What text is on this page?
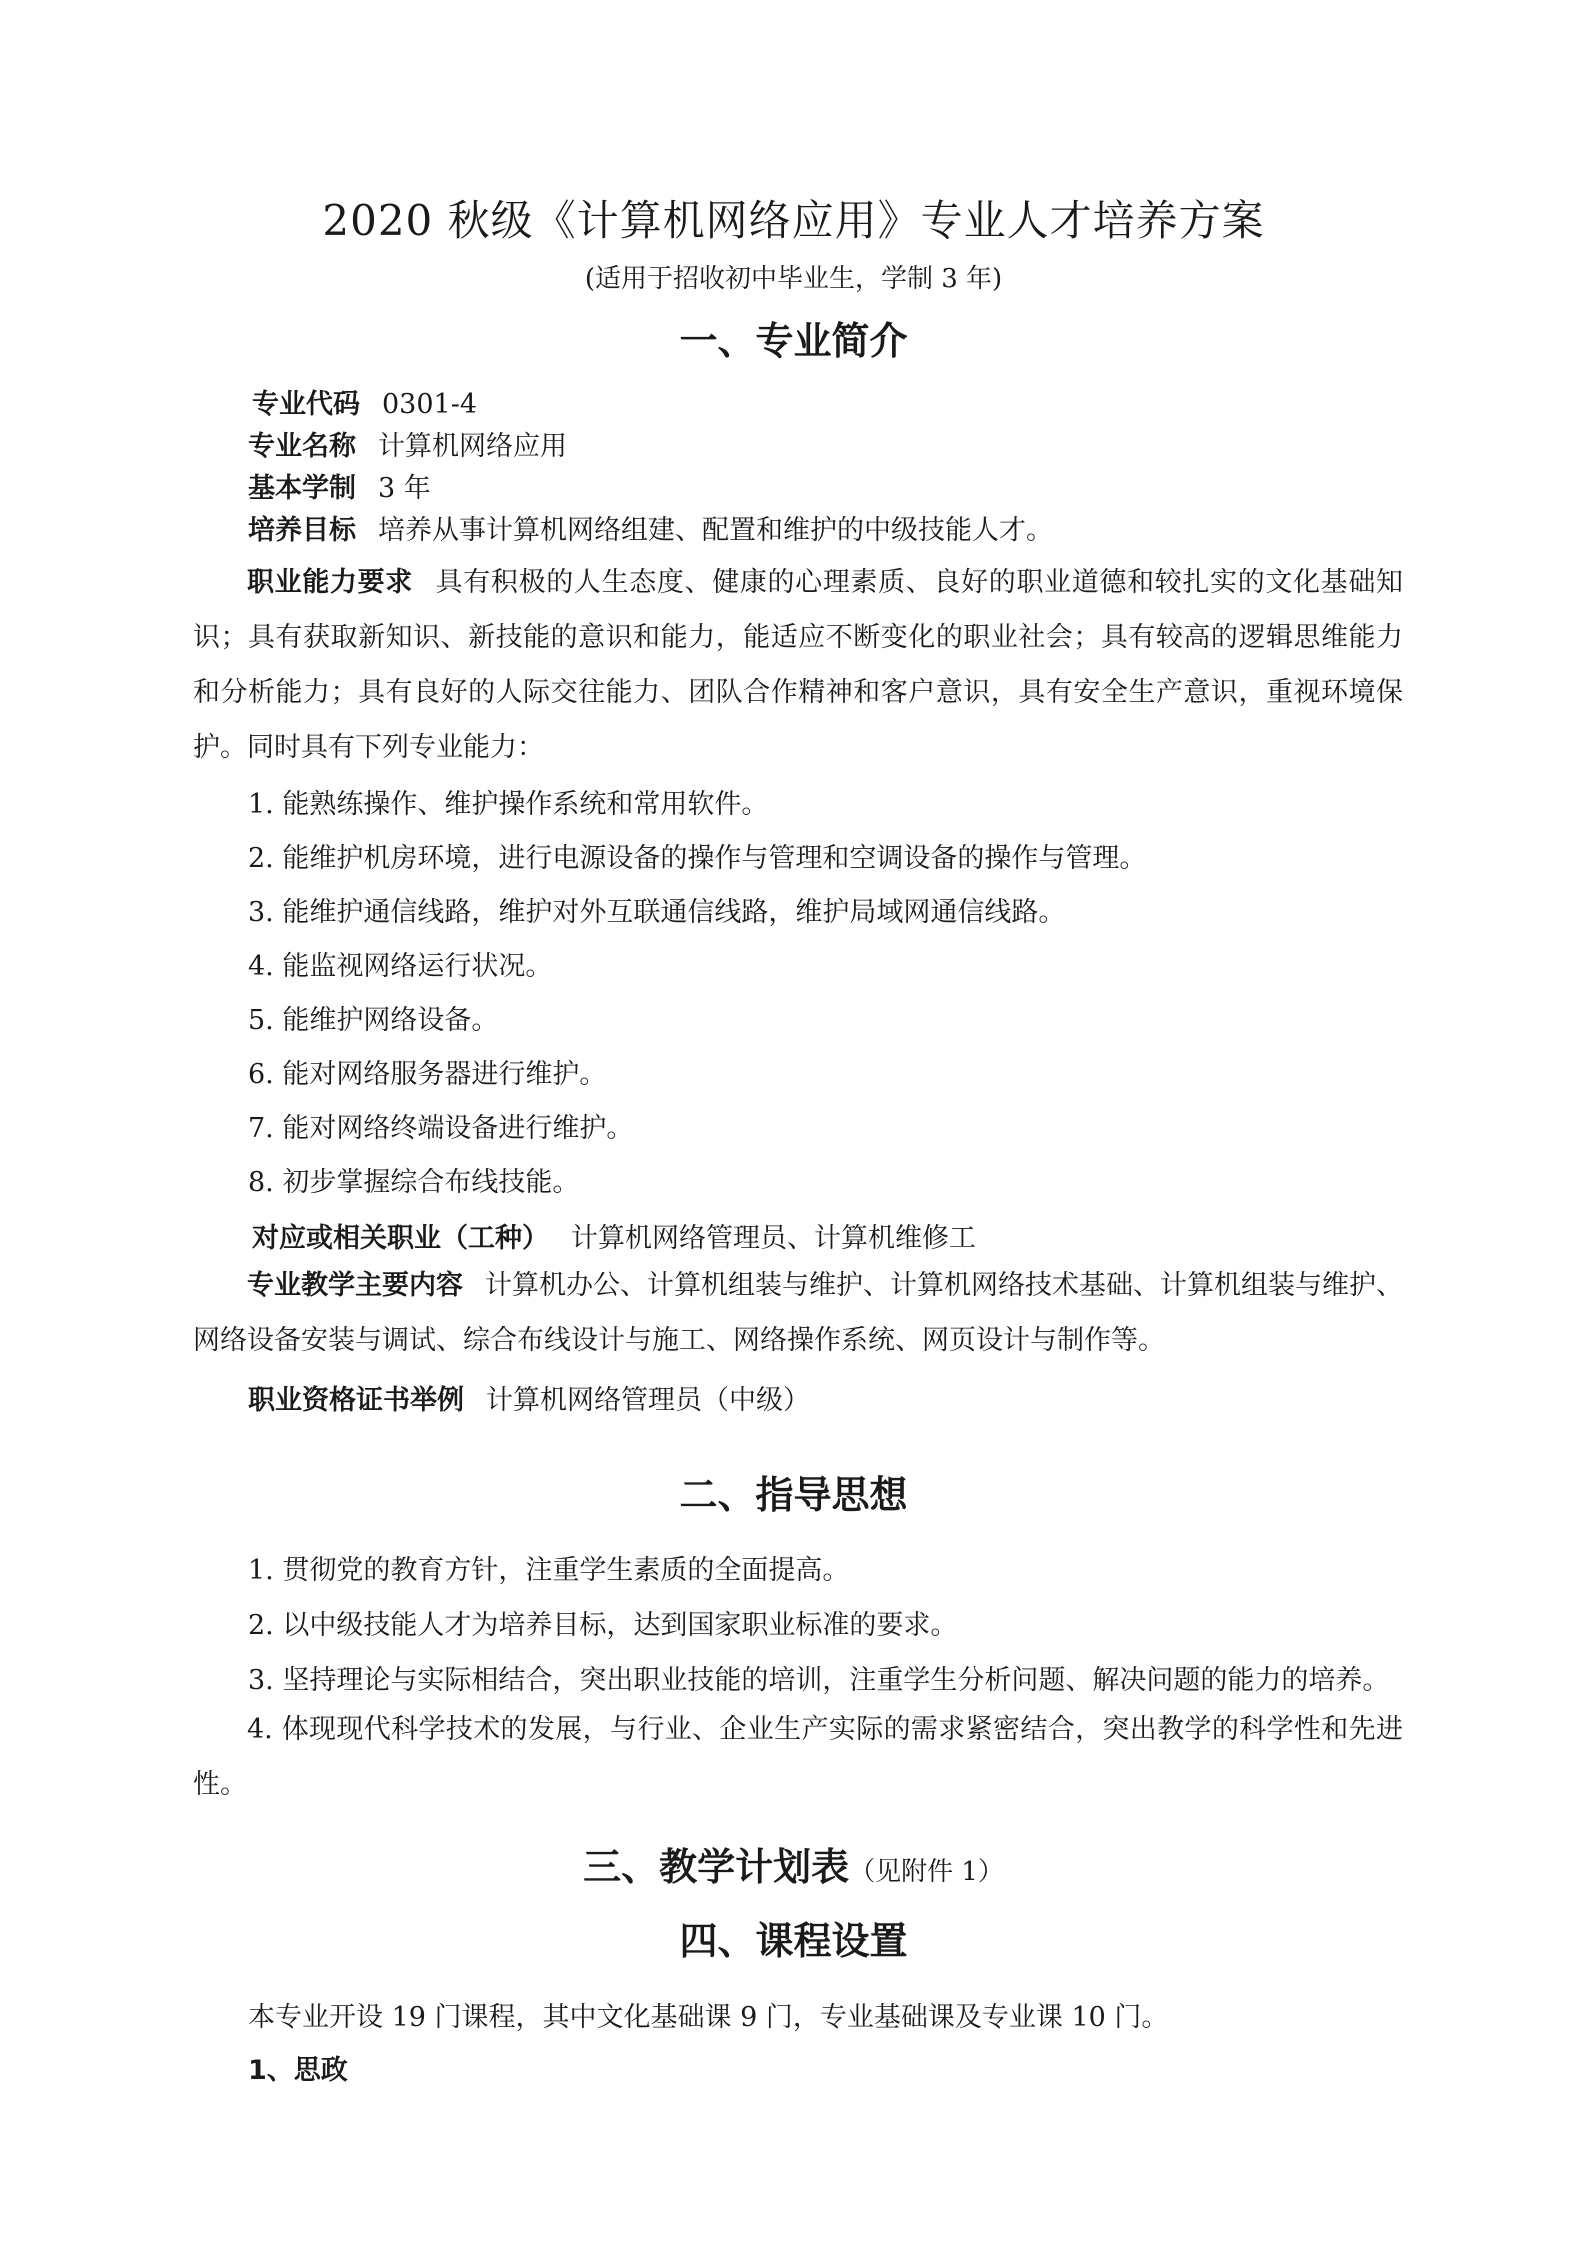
2020 秋级《计算机网络应用》专业人才培养方案
(适用于招收初中毕业生，学制 3 年)
一、专业简介
专业代码 0301-4
专业名称 计算机网络应用
基本学制 3 年
培养目标 培养从事计算机网络组建、配置和维护的中级技能人才。

职业能力要求 具有积极的人生态度、健康的心理素质、良好的职业道德和较扎实的文化基础知识；具有获取新知识、新技能的意识和能力，能适应不断变化的职业社会；具有较高的逻辑思维能力和分析能力；具有良好的人际交往能力、团队合作精神和客户意识，具有安全生产意识，重视环境保护。同时具有下列专业能力：

1. 能熟练操作、维护操作系统和常用软件。
2. 能维护机房环境，进行电源设备的操作与管理和空调设备的操作与管理。
3. 能维护通信线路，维护对外互联通信线路，维护局域网通信线路。
4. 能监视网络运行状况。
5. 能维护网络设备。
6. 能对网络服务器进行维护。
7. 能对网络终端设备进行维护。
8. 初步掌握综合布线技能。
对应或相关职业（工种） 计算机网络管理员、计算机维修工

专业教学主要内容 计算机办公、计算机组装与维护、计算机网络技术基础、计算机组装与维护、网络设备安装与调试、综合布线设计与施工、网络操作系统、网页设计与制作等。

职业资格证书举例 计算机网络管理员（中级）
二、指导思想
1. 贯彻党的教育方针，注重学生素质的全面提高。
2. 以中级技能人才为培养目标，达到国家职业标准的要求。
3. 坚持理论与实际相结合，突出职业技能的培训，注重学生分析问题、解决问题的能力的培养。

4. 体现现代科学技术的发展，与行业、企业生产实际的需求紧密结合，突出教学的科学性和先进性。

三、教学计划表（见附件 1）
四、课程设置
本专业开设 19 门课程，其中文化基础课 9 门，专业基础课及专业课 10 门。
1、思政
